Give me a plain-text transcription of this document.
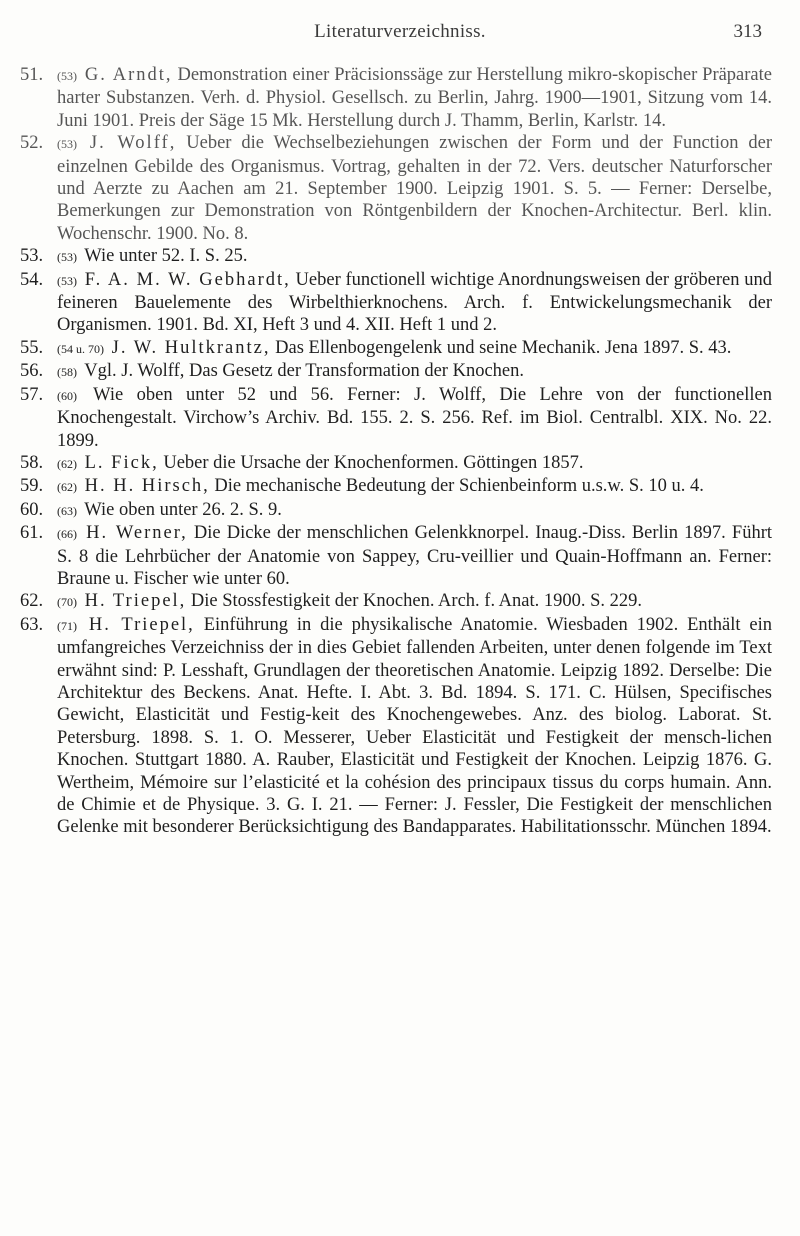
Literaturverzeichniss.	313
51. (53) G. Arndt, Demonstration einer Präcisionssäge zur Herstellung mikro-skopischer Präparate harter Substanzen. Verh. d. Physiol. Gesellsch. zu Berlin, Jahrg. 1900—1901, Sitzung vom 14. Juni 1901. Preis der Säge 15 Mk. Herstellung durch J. Thamm, Berlin, Karlstr. 14.
52. (53) J. Wolff, Ueber die Wechselbeziehungen zwischen der Form und der Function der einzelnen Gebilde des Organismus. Vortrag, gehalten in der 72. Vers. deutscher Naturforscher und Aerzte zu Aachen am 21. September 1900. Leipzig 1901. S. 5. — Ferner: Derselbe, Bemerkungen zur Demonstration von Röntgenbildern der Knochen-Architectur. Berl. klin. Wochenschr. 1900. No. 8.
53. (53) Wie unter 52. I. S. 25.
54. (53) F. A. M. W. Gebhardt, Ueber functionell wichtige Anordnungsweisen der gröberen und feineren Bauelemente des Wirbelthierknochens. Arch. f. Entwickelungsmechanik der Organismen. 1901. Bd. XI, Heft 3 und 4. XII. Heft 1 und 2.
55. (54 u. 70) J. W. Hultkrantz, Das Ellenbogengelenk und seine Mechanik. Jena 1897. S. 43.
56. (58) Vgl. J. Wolff, Das Gesetz der Transformation der Knochen.
57. (60) Wie oben unter 52 und 56. Ferner: J. Wolff, Die Lehre von der functionellen Knochengestalt. Virchow’s Archiv. Bd. 155. 2. S. 256. Ref. im Biol. Centralbl. XIX. No. 22. 1899.
58. (62) L. Fick, Ueber die Ursache der Knochenformen. Göttingen 1857.
59. (62) H. H. Hirsch, Die mechanische Bedeutung der Schienbeinform u.s.w. S. 10 u. 4.
60. (63) Wie oben unter 26. 2. S. 9.
61. (66) H. Werner, Die Dicke der menschlichen Gelenkknorpel. Inaug.-Diss. Berlin 1897. Führt S. 8 die Lehrbücher der Anatomie von Sappey, Cru-veillier und Quain-Hoffmann an. Ferner: Braune u. Fischer wie unter 60.
62. (70) H. Triepel, Die Stossfestigkeit der Knochen. Arch. f. Anat. 1900. S. 229.
63. (71) H. Triepel, Einführung in die physikalische Anatomie. Wiesbaden 1902. Enthält ein umfangreiches Verzeichniss der in dies Gebiet fallenden Arbeiten, unter denen folgende im Text erwähnt sind: P. Lesshaft, Grundlagen der theoretischen Anatomie. Leipzig 1892. Derselbe: Die Architektur des Beckens. Anat. Hefte. I. Abt. 3. Bd. 1894. S. 171. C. Hülsen, Specifisches Gewicht, Elasticität und Festig-keit des Knochengewebes. Anz. des biolog. Laborat. St. Petersburg. 1898. S. 1. O. Messerer, Ueber Elasticität und Festigkeit der mensch-lichen Knochen. Stuttgart 1880. A. Rauber, Elasticität und Festigkeit der Knochen. Leipzig 1876. G. Wertheim, Mémoire sur l’elasticité et la cohésion des principaux tissus du corps humain. Ann. de Chimie et de Physique. 3. G. I. 21. — Ferner: J. Fessler, Die Festigkeit der menschlichen Gelenke mit besonderer Berücksichtigung des Bandapparates. Habilitationsschr. München 1894.
